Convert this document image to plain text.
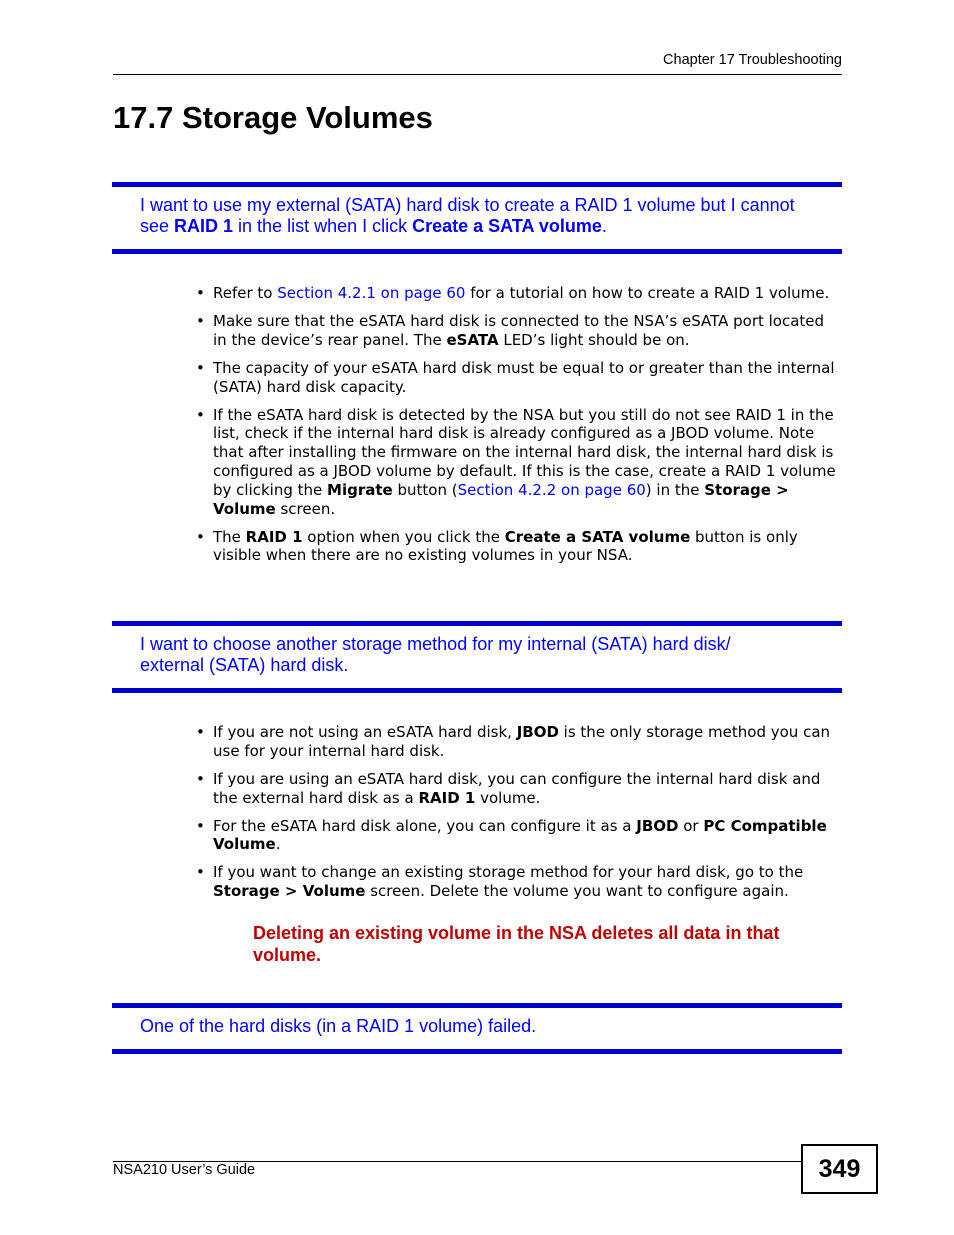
Chapter 17 Troubleshooting
17.7 Storage Volumes

I want to use my external (SATA) hard disk to create a RAID 1 volume but I cannot see RAID 1 in the list when I click Create a SATA volume.

• Refer to Section 4.2.1 on page 60 for a tutorial on how to create a RAID 1 volume.
• Make sure that the eSATA hard disk is connected to the NSA’s eSATA port located in the device’s rear panel. The eSATA LED’s light should be on.
• The capacity of your eSATA hard disk must be equal to or greater than the internal (SATA) hard disk capacity.
• If the eSATA hard disk is detected by the NSA but you still do not see RAID 1 in the list, check if the internal hard disk is already configured as a JBOD volume. Note that after installing the firmware on the internal hard disk, the internal hard disk is configured as a JBOD volume by default. If this is the case, create a RAID 1 volume by clicking the Migrate button (Section 4.2.2 on page 60) in the Storage > Volume screen.
• The RAID 1 option when you click the Create a SATA volume button is only visible when there are no existing volumes in your NSA.

I want to choose another storage method for my internal (SATA) hard disk/ external (SATA) hard disk.

• If you are not using an eSATA hard disk, JBOD is the only storage method you can use for your internal hard disk.
• If you are using an eSATA hard disk, you can configure the internal hard disk and the external hard disk as a RAID 1 volume.
• For the eSATA hard disk alone, you can configure it as a JBOD or PC Compatible Volume.
• If you want to change an existing storage method for your hard disk, go to the Storage > Volume screen. Delete the volume you want to configure again.

Deleting an existing volume in the NSA deletes all data in that volume.

One of the hard disks (in a RAID 1 volume) failed.

NSA210 User’s Guide	349
